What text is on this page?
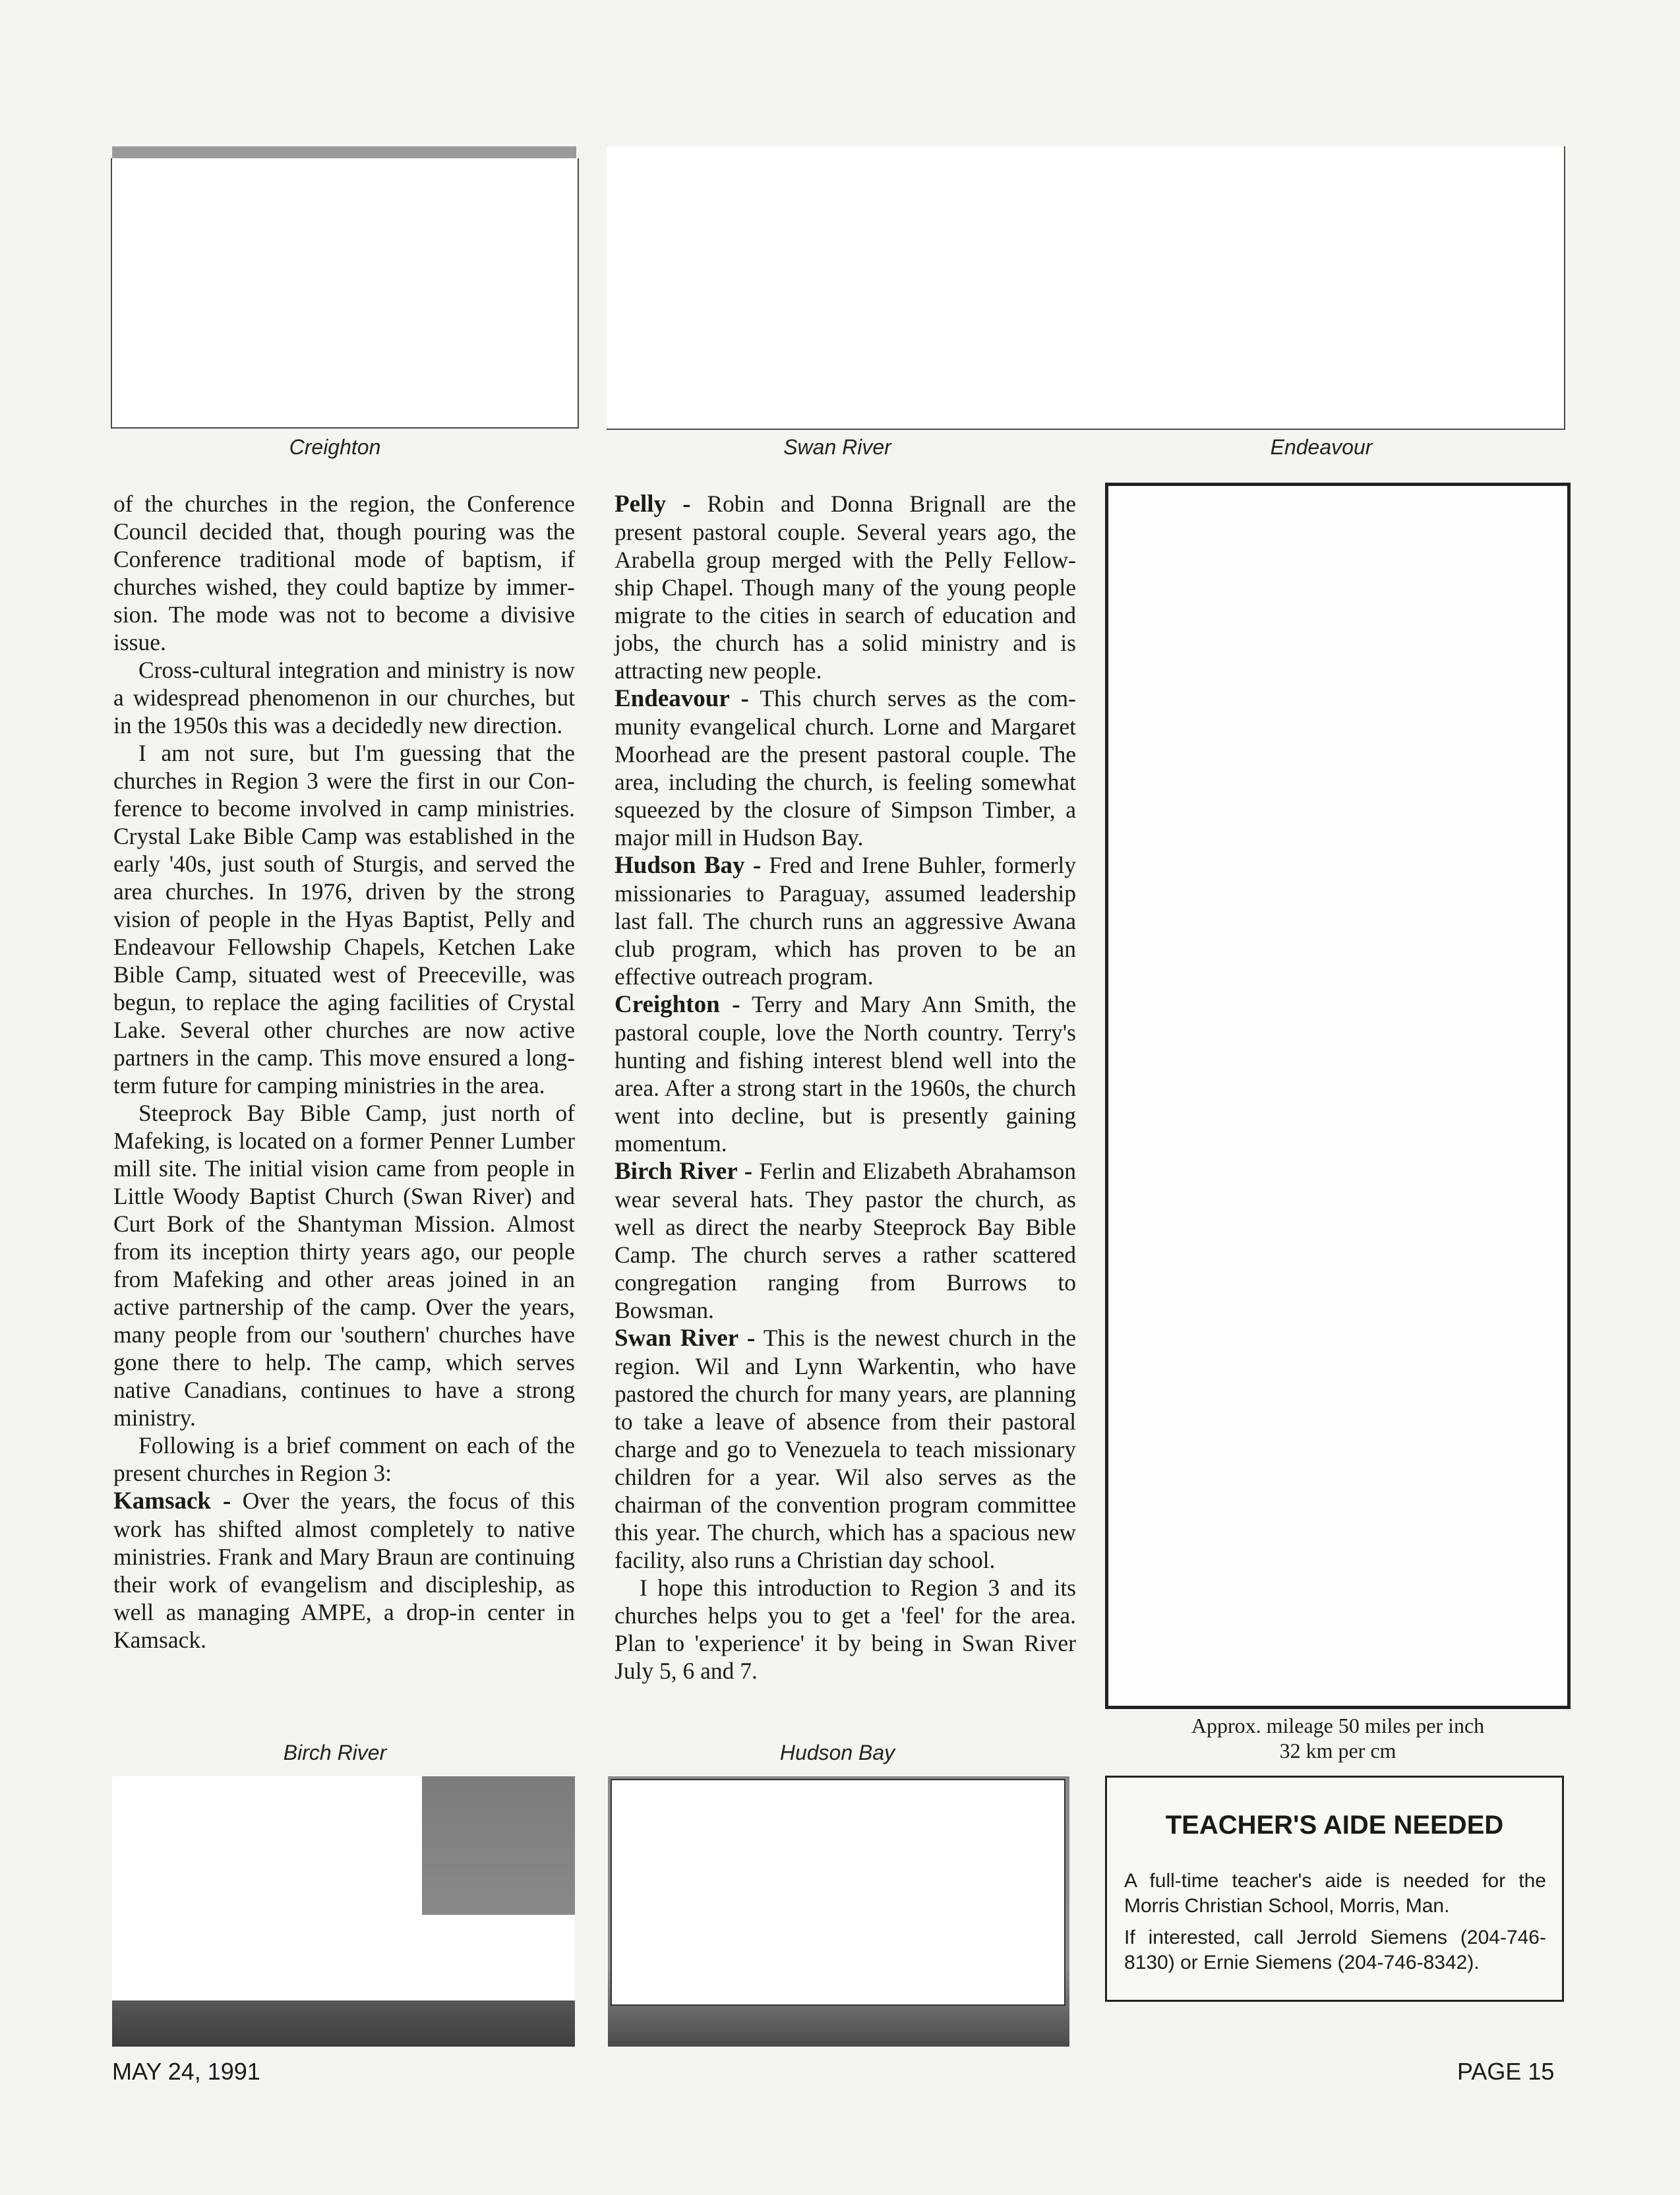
Creighton	Swan River	Endeavour

of the churches in the region, the Conference Council decided that, though pouring was the Conference traditional mode of baptism, if churches wished, they could baptize by immersion. The mode was not to become a divisive issue.

Cross-cultural integration and ministry is now a widespread phenomenon in our churches, but in the 1950s this was a decidedly new direction.

I am not sure, but I'm guessing that the churches in Region 3 were the first in our Conference to become involved in camp ministries. Crystal Lake Bible Camp was established in the early '40s, just south of Sturgis, and served the area churches. In 1976, driven by the strong vision of people in the Hyas Baptist, Pelly and Endeavour Fellowship Chapels, Ketchen Lake Bible Camp, situated west of Preeceville, was begun, to replace the aging facilities of Crystal Lake. Several other churches are now active partners in the camp. This move ensured a long-term future for camping ministries in the area.

Steeprock Bay Bible Camp, just north of Mafeking, is located on a former Penner Lumber mill site. The initial vision came from people in Little Woody Baptist Church (Swan River) and Curt Bork of the Shantyman Mission. Almost from its inception thirty years ago, our people from Mafeking and other areas joined in an active partnership of the camp. Over the years, many people from our 'southern' churches have gone there to help. The camp, which serves native Canadians, continues to have a strong ministry.

Following is a brief comment on each of the present churches in Region 3:

Kamsack - Over the years, the focus of this work has shifted almost completely to native ministries. Frank and Mary Braun are continuing their work of evangelism and discipleship, as well as managing AMPE, a drop-in center in Kamsack.

Pelly - Robin and Donna Brignall are the present pastoral couple. Several years ago, the Arabella group merged with the Pelly Fellowship Chapel. Though many of the young people migrate to the cities in search of education and jobs, the church has a solid ministry and is attracting new people.

Endeavour - This church serves as the community evangelical church. Lorne and Margaret Moorhead are the present pastoral couple. The area, including the church, is feeling somewhat squeezed by the closure of Simpson Timber, a major mill in Hudson Bay.

Hudson Bay - Fred and Irene Buhler, formerly missionaries to Paraguay, assumed leadership last fall. The church runs an aggressive Awana club program, which has proven to be an effective outreach program.

Creighton - Terry and Mary Ann Smith, the pastoral couple, love the North country. Terry's hunting and fishing interest blend well into the area. After a strong start in the 1960s, the church went into decline, but is presently gaining momentum.

Birch River - Ferlin and Elizabeth Abrahamson wear several hats. They pastor the church, as well as direct the nearby Steeprock Bay Bible Camp. The church serves a rather scattered congregation ranging from Burrows to Bowsman.

Swan River - This is the newest church in the region. Wil and Lynn Warkentin, who have pastored the church for many years, are planning to take a leave of absence from their pastoral charge and go to Venezuela to teach missionary children for a year. Wil also serves as the chairman of the convention program committee this year. The church, which has a spacious new facility, also runs a Christian day school.

I hope this introduction to Region 3 and its churches helps you to get a 'feel' for the area. Plan to 'experience' it by being in Swan River July 5, 6 and 7.

Approx. mileage 50 miles per inch
32 km per cm
Birch River	Hudson Bay
TEACHER'S AIDE NEEDED

A full-time teacher's aide is needed for the Morris Christian School, Morris, Man.

If interested, call Jerrold Siemens (204-746-8130) or Ernie Siemens (204-746-8342).

MAY 24, 1991	PAGE 15
